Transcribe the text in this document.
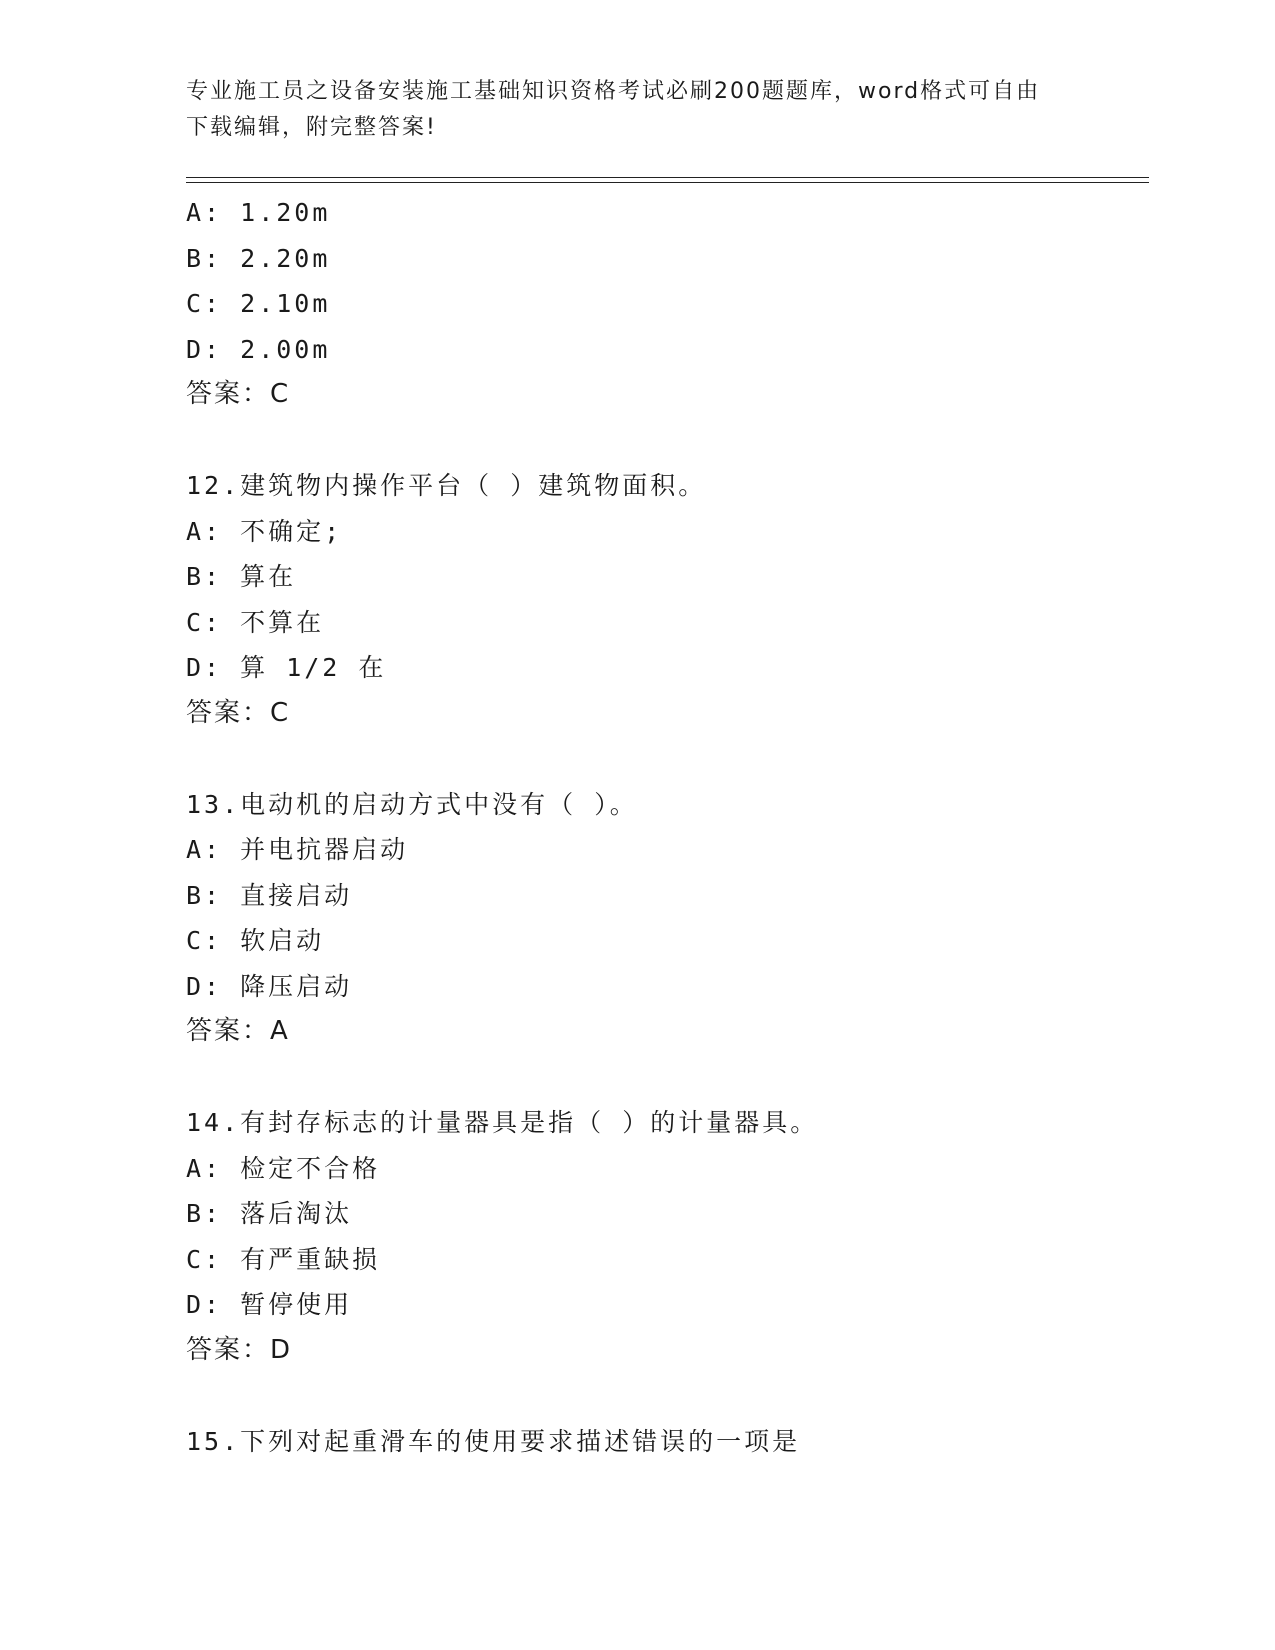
专业施工员之设备安装施工基础知识资格考试必刷200题题库，word格式可自由
下载编辑，附完整答案!
A: 1.20m
B: 2.20m
C: 2.10m
D: 2.00m
答案：C
12.建筑物内操作平台（ ）建筑物面积。
A: 不确定;
B: 算在
C: 不算在
D: 算 1/2 在
答案：C
13.电动机的启动方式中没有（ ）。
A: 并电抗器启动
B: 直接启动
C: 软启动
D: 降压启动
答案：A
14.有封存标志的计量器具是指（ ）的计量器具。
A: 检定不合格
B: 落后淘汰
C: 有严重缺损
D: 暂停使用
答案：D
15.下列对起重滑车的使用要求描述错误的一项是
